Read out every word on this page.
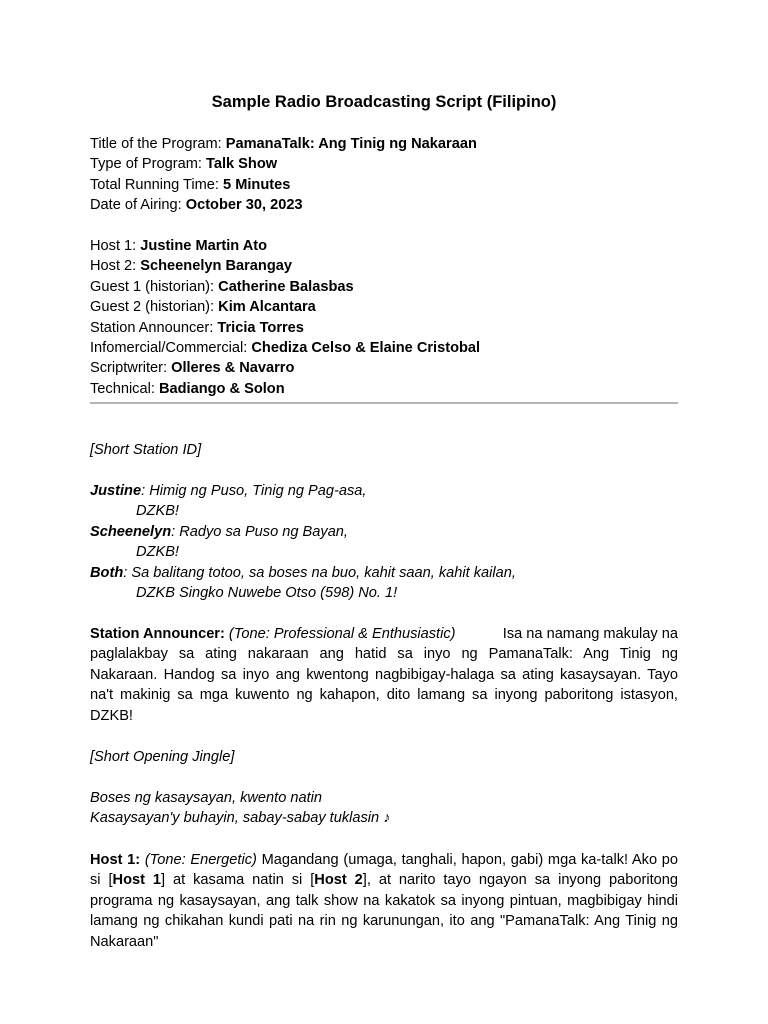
Sample Radio Broadcasting Script (Filipino)
Title of the Program: PamanaTalk: Ang Tinig ng Nakaraan
Type of Program: Talk Show
Total Running Time: 5 Minutes
Date of Airing: October 30, 2023
Host 1: Justine Martin Ato
Host 2: Scheenelyn Barangay
Guest 1 (historian): Catherine Balasbas
Guest 2 (historian): Kim Alcantara
Station Announcer: Tricia Torres
Infomercial/Commercial: Chediza Celso & Elaine Cristobal
Scriptwriter: Olleres & Navarro
Technical: Badiango & Solon
[Short Station ID]
Justine: Himig ng Puso, Tinig ng Pag-asa,
DZKB!
Scheenelyn: Radyo sa Puso ng Bayan,
DZKB!
Both: Sa balitang totoo, sa boses na buo, kahit saan, kahit kailan,
DZKB Singko Nuwebe Otso (598) No. 1!
Station Announcer: (Tone: Professional & Enthusiastic)	Isa na namang makulay na
paglalakbay sa ating nakaraan ang hatid sa inyo ng PamanaTalk: Ang Tinig ng
Nakaraan. Handog sa inyo ang kwentong nagbibigay-halaga sa ating kasaysayan. Tayo
na't makinig sa mga kuwento ng kahapon, dito lamang sa inyong paboritong istasyon,
DZKB!
[Short Opening Jingle]
Boses ng kasaysayan, kwento natin
Kasaysayan'y buhayin, sabay-sabay tuklasin ♪

Host 1: (Tone: Energetic) Magandang (umaga, tanghali, hapon, gabi) mga ka-talk! Ako po si [Host 1] at kasama natin si [Host 2], at narito tayo ngayon sa inyong paboritong programa ng kasaysayan, ang talk show na kakatok sa inyong pintuan, magbibigay hindi lamang ng chikahan kundi pati na rin ng karunungan, ito ang "PamanaTalk: Ang Tinig ng Nakaraan"
